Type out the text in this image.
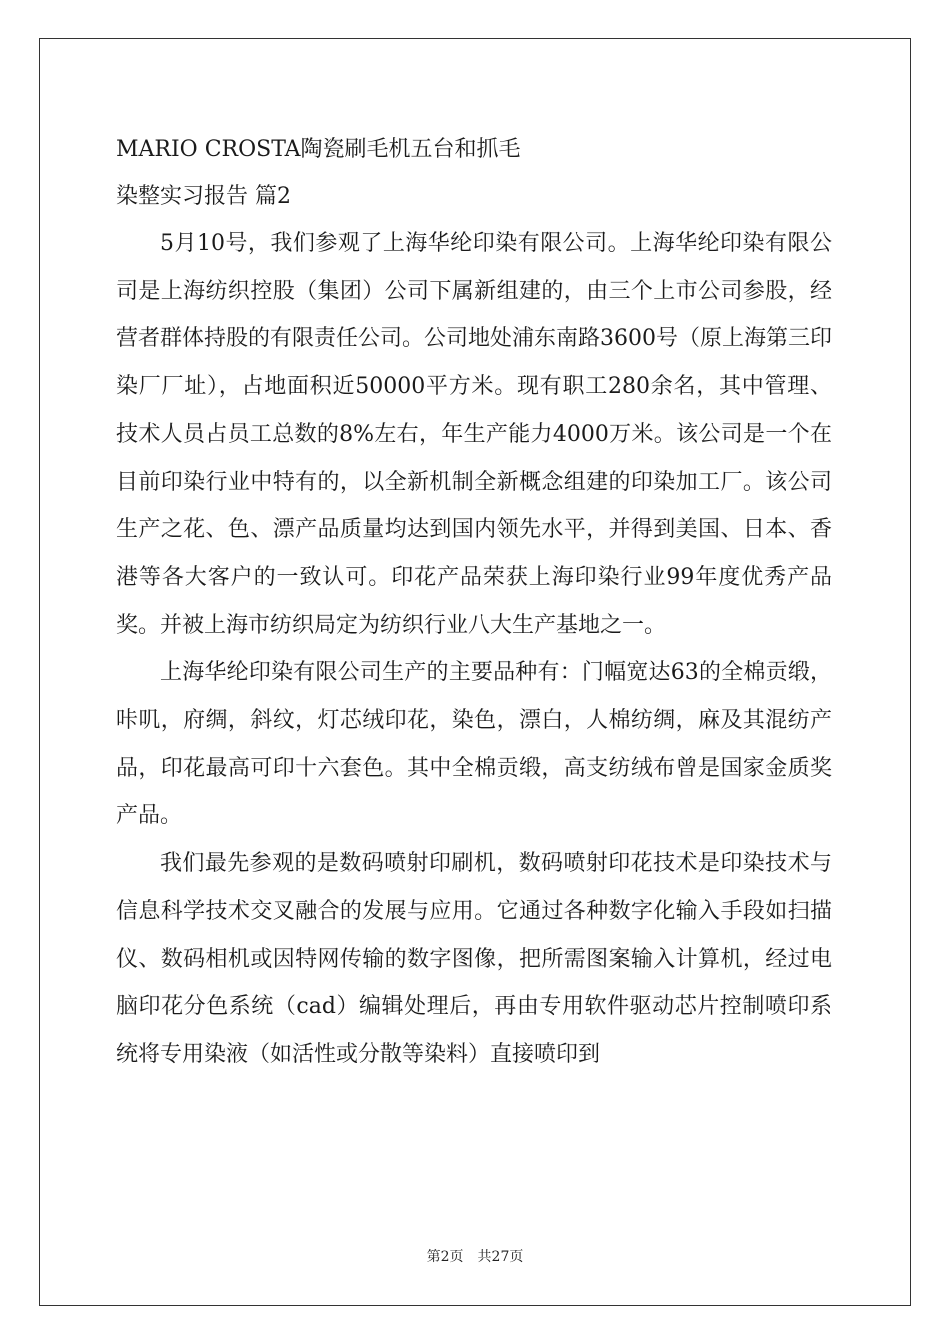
MARIO CROSTA陶瓷刷毛机五台和抓毛

染整实习报告 篇2

5月10号，我们参观了上海华纶印染有限公司。上海华纶印染有限公司是上海纺织控股（集团）公司下属新组建的，由三个上市公司参股，经营者群体持股的有限责任公司。公司地处浦东南路3600号（原上海第三印染厂厂址），占地面积近50000平方米。现有职工280余名，其中管理、技术人员占员工总数的8%左右，年生产能力4000万米。该公司是一个在目前印染行业中特有的，以全新机制全新概念组建的印染加工厂。该公司生产之花、色、漂产品质量均达到国内领先水平，并得到美国、日本、香港等各大客户的一致认可。印花产品荣获上海印染行业99年度优秀产品奖。并被上海市纺织局定为纺织行业八大生产基地之一。

上海华纶印染有限公司生产的主要品种有：门幅宽达63的全棉贡缎，咔叽，府绸，斜纹，灯芯绒印花，染色，漂白，人棉纺绸，麻及其混纺产品，印花最高可印十六套色。其中全棉贡缎，高支纺绒布曾是国家金质奖产品。

我们最先参观的是数码喷射印刷机，数码喷射印花技术是印染技术与信息科学技术交叉融合的发展与应用。它通过各种数字化输入手段如扫描仪、数码相机或因特网传输的数字图像，把所需图案输入计算机，经过电脑印花分色系统（cad）编辑处理后，再由专用软件驱动芯片控制喷印系统将专用染液（如活性或分散等染料）直接喷印到

第2页　共27页
